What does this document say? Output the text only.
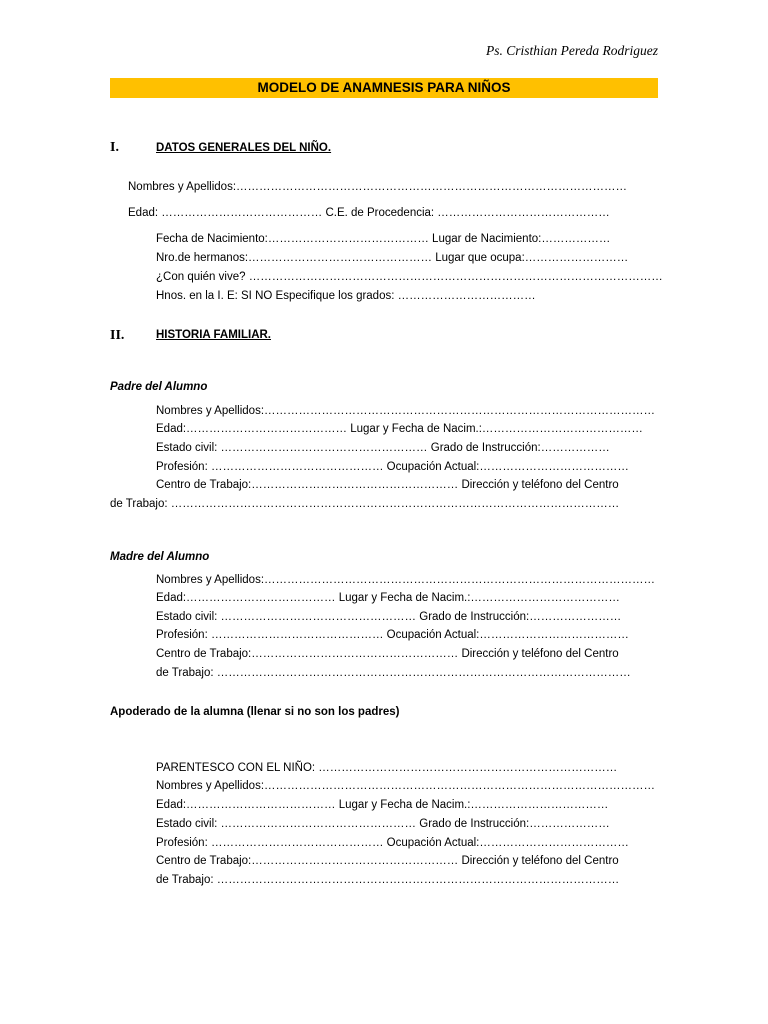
Ps. Cristhian Pereda Rodriguez
MODELO DE ANAMNESIS PARA NIÑOS
I.	DATOS GENERALES DEL NIÑO.
Nombres y Apellidos:…………………………………………………………………………………………
Edad: …………………………………… C.E. de Procedencia: ………………………………………
Fecha de Nacimiento:…………………………………… Lugar de Nacimiento:………………
Nro.de hermanos:………………………………………… Lugar que ocupa:………………………
¿Con quién vive? ………………………………………………………………………………………………
Hnos. en la I. E: SI NO Especifique los grados: ………………………………
II.	HISTORIA FAMILIAR.
Padre del Alumno
Nombres y Apellidos:…………………………………………………………………………………………
Edad:…………………………………… Lugar y Fecha de Nacim.:……………………………………
Estado civil: ……………………………………………… Grado de Instrucción:………………
Profesión: ……………………………………… Ocupación Actual:…………………………………
Centro de Trabajo:……………………………………………… Dirección y teléfono del Centro
de Trabajo: ………………………………………………………………………………………………………
Madre del Alumno
Nombres y Apellidos:…………………………………………………………………………………………
Edad:………………………………… Lugar y Fecha de Nacim.:…………………………………
Estado civil: …………………………………………… Grado de Instrucción:……………………
Profesión: ……………………………………… Ocupación Actual:…………………………………
Centro de Trabajo:……………………………………………… Dirección y teléfono del Centro
de Trabajo: ………………………………………………………………………………………………
Apoderado de la alumna (llenar si no son los padres)
PARENTESCO CON EL NIÑO: ……………………………………………………………………
Nombres y Apellidos:…………………………………………………………………………………………
Edad:………………………………… Lugar y Fecha de Nacim.:………………………………
Estado civil: …………………………………………… Grado de Instrucción:…………………
Profesión: ……………………………………… Ocupación Actual:…………………………………
Centro de Trabajo:……………………………………………… Dirección y teléfono del Centro
de Trabajo: ……………………………………………………………………………………………
